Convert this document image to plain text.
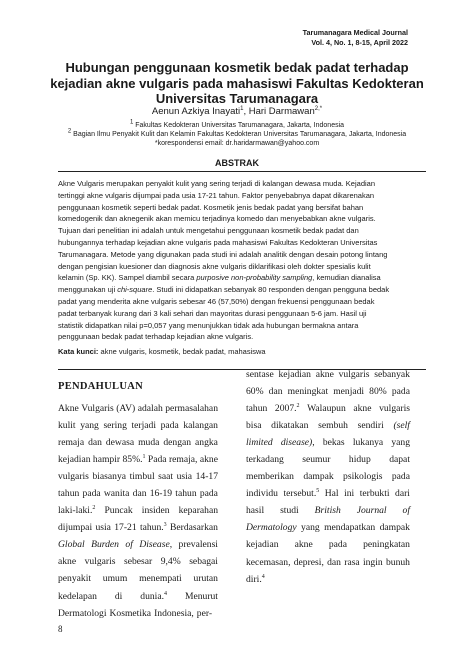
Tarumanagara Medical Journal
Vol. 4, No. 1, 8-15, April 2022
Hubungan penggunaan kosmetik bedak padat terhadap
kejadian akne vulgaris pada mahasiswi Fakultas Kedokteran
Universitas Tarumanagara
Aenun Azkiya Inayati$^1$, Hari Darmawan$^{2,*}$
$^1$ Fakultas Kedokteran Universitas Tarumanagara, Jakarta, Indonesia
$^2$ Bagian Ilmu Penyakit Kulit dan Kelamin Fakultas Kedokteran Universitas Tarumanagara, Jakarta, Indonesia
*korespondensi email: dr.haridarmawan@yahoo.com
ABSTRAK
Akne Vulgaris merupakan penyakit kulit yang sering terjadi di kalangan dewasa muda. Kejadian
tertinggi akne vulgaris dijumpai pada usia 17-21 tahun. Faktor penyebabnya dapat dikarenakan
penggunaan kosmetik seperti bedak padat. Kosmetik jenis bedak padat yang bersifat bahan
komedogenik dan aknegenik akan memicu terjadinya komedo dan menyebabkan akne vulgaris.
Tujuan dari penelitian ini adalah untuk mengetahui penggunaan kosmetik bedak padat dan
hubungannya terhadap kejadian akne vulgaris pada mahasiswi Fakultas Kedokteran Universitas
Tarumanagara. Metode yang digunakan pada studi ini adalah analitik dengan desain potong lintang
dengan pengisian kuesioner dan diagnosis akne vulgaris diklarifikasi oleh dokter spesialis kulit
kelamin (Sp. KK). Sampel diambil secara purposive non-probability sampling, kemudian dianalisa
menggunakan uji chi-square. Studi ini didapatkan sebanyak 80 responden dengan pengguna bedak
padat yang menderita akne vulgaris sebesar 46 (57,50%) dengan frekuensi penggunaan bedak
padat terbanyak kurang dari 3 kali sehari dan mayoritas durasi penggunaan 5-6 jam. Hasil uji
statistik didapatkan nilai p=0,057 yang menunjukkan tidak ada hubungan bermakna antara
penggunaan bedak padat terhadap kejadian akne vulgaris.
Kata kunci: akne vulgaris, kosmetik, bedak padat, mahasiswa
PENDAHULUAN
Akne Vulgaris (AV) adalah permasalahan
kulit yang sering terjadi pada kalangan
remaja dan dewasa muda dengan angka
kejadian hampir 85%.$^1$ Pada remaja, akne
vulgaris biasanya timbul saat usia 14-17
tahun pada wanita dan 16-19 tahun pada
laki-laki.$^2$ Puncak insiden keparahan
dijumpai usia 17-21 tahun.$^3$ Berdasarkan
Global Burden of Disease, prevalensi
akne vulgaris sebesar 9,4% sebagai
penyakit umum menempati urutan
kedelapan di dunia.$^4$ Menurut
Dermatologi Kosmetika Indonesia, per-
sentase kejadian akne vulgaris sebanyak
60% dan meningkat menjadi 80% pada
tahun 2007.$^2$ Walaupun akne vulgaris
bisa dikatakan sembuh sendiri (self
limited disease), bekas lukanya yang
terkadang seumur hidup dapat
memberikan dampak psikologis pada
individu tersebut.$^5$ Hal ini terbukti dari
hasil studi British Journal of
Dermatology yang mendapatkan dampak
kejadian akne pada peningkatan
kecemasan, depresi, dan rasa ingin bunuh
diri.$^4$
8
